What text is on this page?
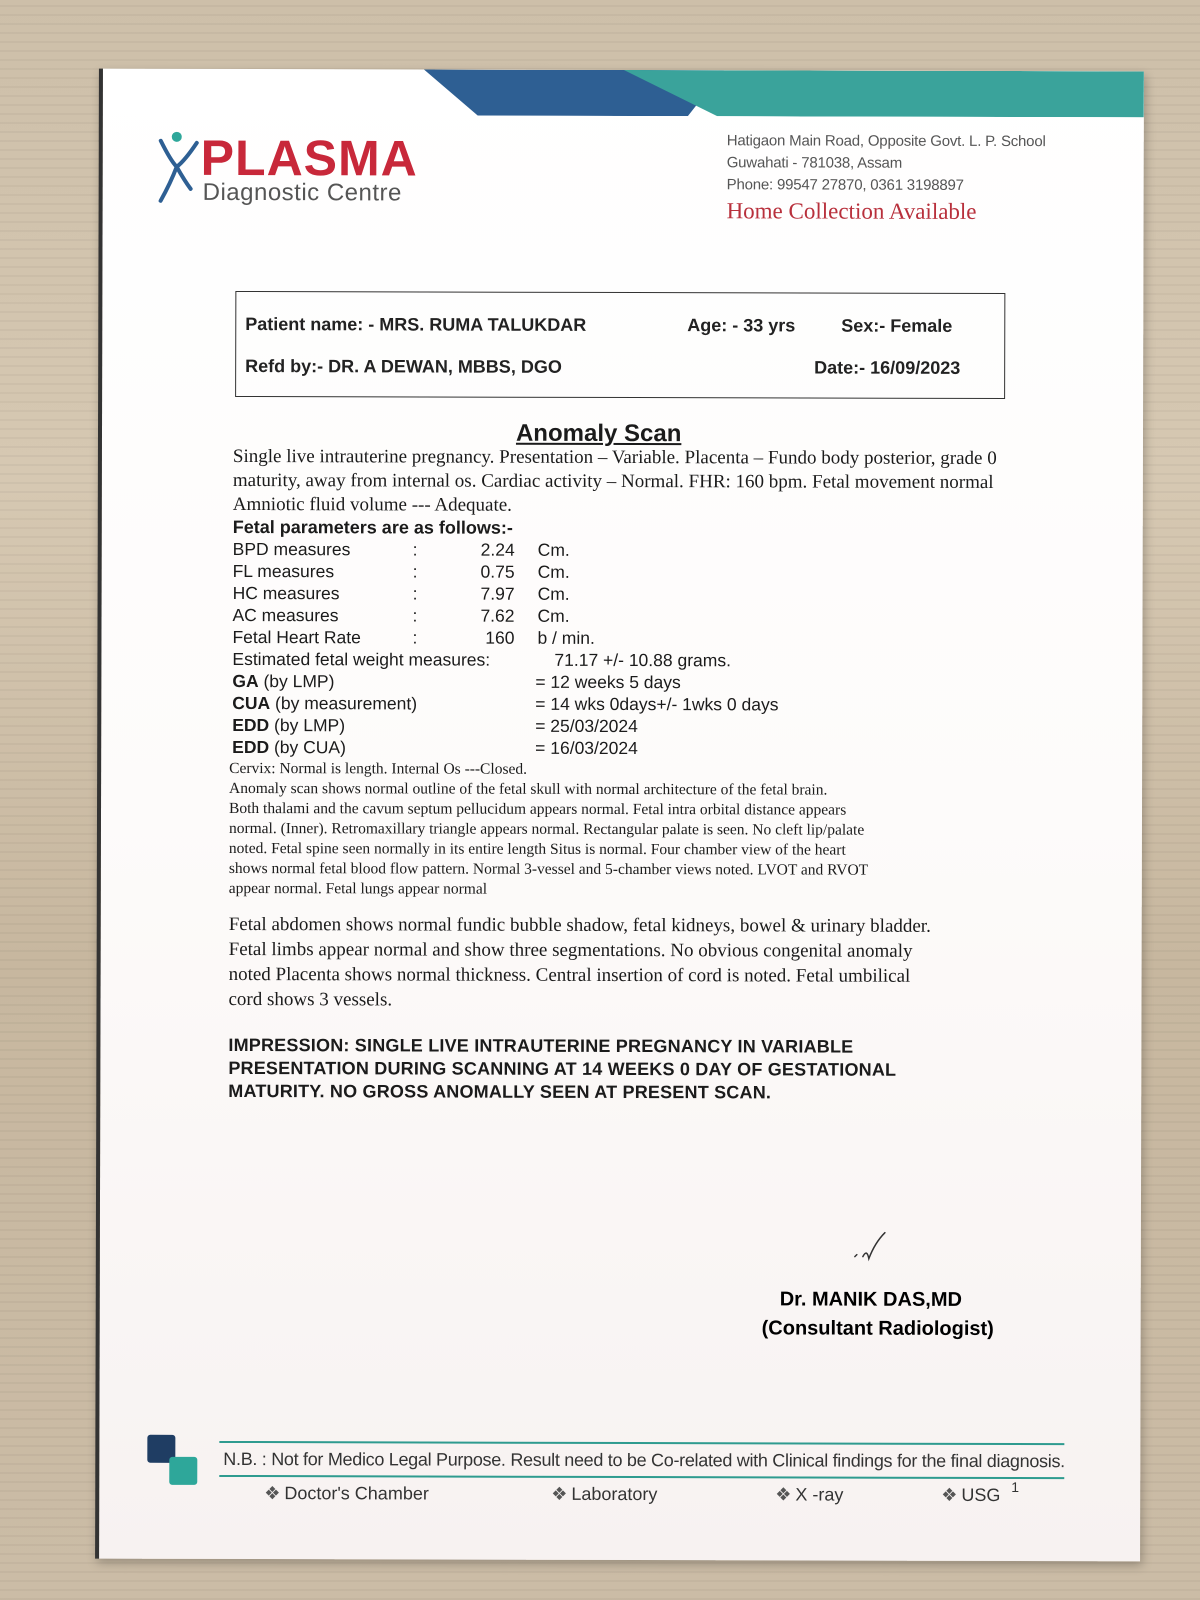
PLASMA
Diagnostic Centre
Hatigaon Main Road, Opposite Govt. L. P. School
Guwahati - 781038, Assam
Phone: 99547 27870, 0361 3198897
Home Collection Available
Patient name: - MRS. RUMA TALUKDAR	Age: - 33 yrs	Sex:- Female
Refd by:- DR. A DEWAN, MBBS, DGO	Date:- 16/09/2023
Anomaly Scan
Single live intrauterine pregnancy. Presentation – Variable. Placenta – Fundo body posterior, grade 0 maturity, away from internal os. Cardiac activity – Normal. FHR: 160 bpm. Fetal movement normal Amniotic fluid volume --- Adequate.
Fetal parameters are as follows:-
BPD measures	:	2.24 Cm.
FL measures	:	0.75 Cm.
HC measures	:	7.97 Cm.
AC measures	:	7.62 Cm.
Fetal Heart Rate	:	160 b / min.
Estimated fetal weight measures:	71.17 +/- 10.88 grams.
GA (by LMP)	= 12 weeks 5 days
CUA (by measurement)	= 14 wks 0days+/- 1wks 0 days
EDD (by LMP)	= 25/03/2024
EDD (by CUA)	= 16/03/2024
Cervix: Normal is length. Internal Os ---Closed.
Anomaly scan shows normal outline of the fetal skull with normal architecture of the fetal brain.
Both thalami and the cavum septum pellucidum appears normal. Fetal intra orbital distance appears
normal. (Inner). Retromaxillary triangle appears normal. Rectangular palate is seen. No cleft lip/palate
noted. Fetal spine seen normally in its entire length Situs is normal. Four chamber view of the heart
shows normal fetal blood flow pattern. Normal 3-vessel and 5-chamber views noted. LVOT and RVOT
appear normal. Fetal lungs appear normal
Fetal abdomen shows normal fundic bubble shadow, fetal kidneys, bowel & urinary bladder.
Fetal limbs appear normal and show three segmentations. No obvious congenital anomaly
noted Placenta shows normal thickness. Central insertion of cord is noted. Fetal umbilical
cord shows 3 vessels.
IMPRESSION: SINGLE LIVE INTRAUTERINE PREGNANCY IN VARIABLE
PRESENTATION DURING SCANNING AT 14 WEEKS 0 DAY OF GESTATIONAL
MATURITY. NO GROSS ANOMALLY SEEN AT PRESENT SCAN.
Dr. MANIK DAS,MD
(Consultant Radiologist)
N.B. : Not for Medico Legal Purpose. Result need to be Co-related with Clinical findings for the final diagnosis.
❖ Doctor's Chamber	❖ Laboratory	❖ X -ray	❖ USG 1
